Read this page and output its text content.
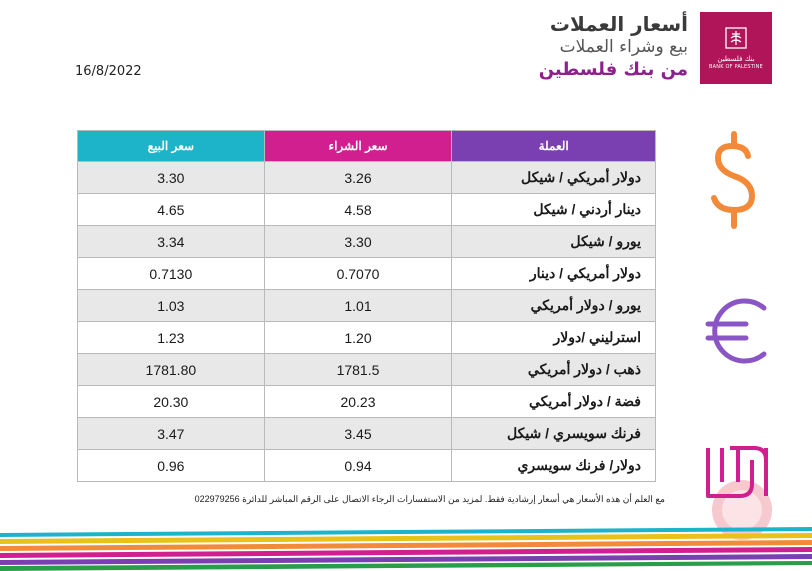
بنك فلسطين
BANK OF PALESTINE
أسعار العملات
بيع وشراء العملات
من بنك فلسطين
16/8/2022
سعر البيع	سعر الشراء	العملة
3.30	3.26	دولار أمريكي / شيكل
4.65	4.58	دينار أردني / شيكل
3.34	3.30	يورو / شيكل
0.7130	0.7070	دولار أمريكي / دينار
1.03	1.01	يورو / دولار أمريكي
1.23	1.20	استرليني /دولار
1781.80	1781.5	ذهب / دولار أمريكي
20.30	20.23	فضة / دولار أمريكي
3.47	3.45	فرنك سويسري / شيكل
0.96	0.94	دولار/ فرنك سويسري
مع العلم أن هذه الأسعار هي أسعار إرشادية فقط. لمزيد من الاستفسارات الرجاء الاتصال على الرقم المباشر للدائرة 022979256
